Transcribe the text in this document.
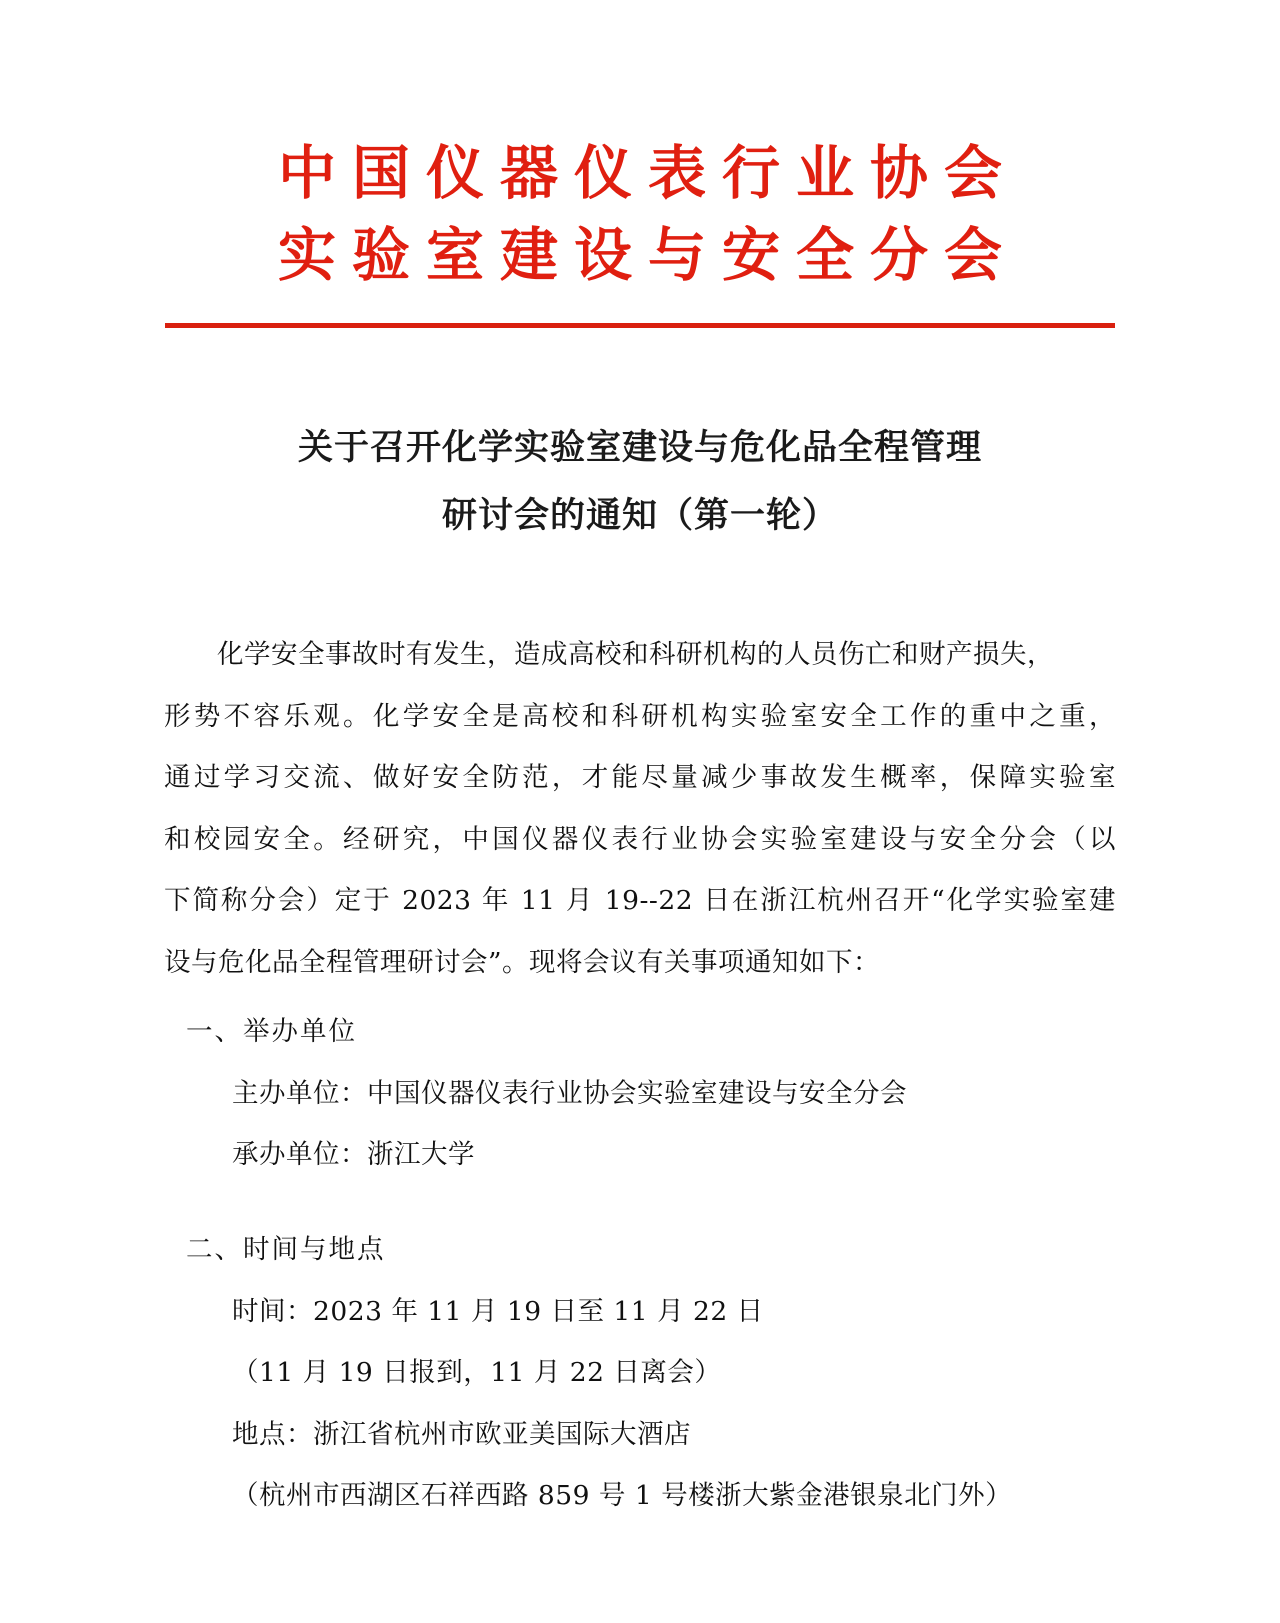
中国仪器仪表行业协会
实验室建设与安全分会
关于召开化学实验室建设与危化品全程管理
研讨会的通知（第一轮）

化学安全事故时有发生，造成高校和科研机构的人员伤亡和财产损失，

形势不容乐观。化学安全是高校和科研机构实验室安全工作的重中之重，

通过学习交流、做好安全防范，才能尽量减少事故发生概率，保障实验室

和校园安全。经研究，中国仪器仪表行业协会实验室建设与安全分会（以

下简称分会）定于 2023 年 11 月 19--22 日在浙江杭州召开“化学实验室建

设与危化品全程管理研讨会”。现将会议有关事项通知如下：

一、举办单位
主办单位：中国仪器仪表行业协会实验室建设与安全分会
承办单位：浙江大学
二、时间与地点
时间：2023 年 11 月 19 日至 11 月 22 日
（11 月 19 日报到，11 月 22 日离会）
地点：浙江省杭州市欧亚美国际大酒店
（杭州市西湖区石祥西路 859 号 1 号楼浙大紫金港银泉北门外）
